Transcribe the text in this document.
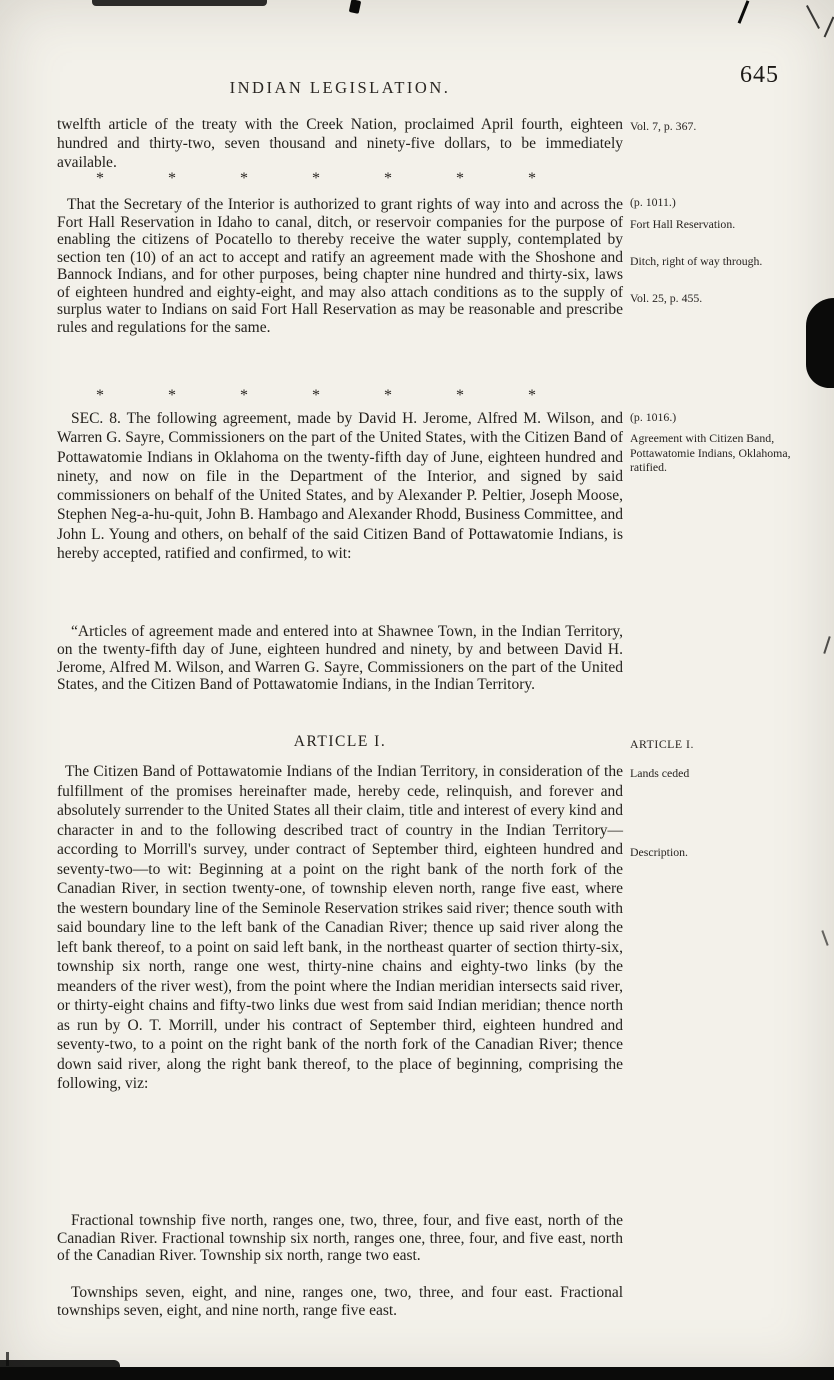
INDIAN LEGISLATION.	645
twelfth article of the treaty with the Creek Nation, proclaimed April fourth, eighteen hundred and thirty-two, seven thousand and ninety-five dollars, to be immediately available.
* * * * * * *
That the Secretary of the Interior is authorized to grant rights of way into and across the Fort Hall Reservation in Idaho to canal, ditch, or reservoir companies for the purpose of enabling the citizens of Pocatello to thereby receive the water supply, contemplated by section ten (10) of an act to accept and ratify an agreement made with the Shoshone and Bannock Indians, and for other purposes, being chapter nine hundred and thirty-six, laws of eighteen hundred and eighty-eight, and may also attach conditions as to the supply of surplus water to Indians on said Fort Hall Reservation as may be reasonable and prescribe rules and regulations for the same.
* * * * * * *
SEC. 8. The following agreement, made by David H. Jerome, Alfred M. Wilson, and Warren G. Sayre, Commissioners on the part of the United States, with the Citizen Band of Pottawatomie Indians in Oklahoma on the twenty-fifth day of June, eighteen hundred and ninety, and now on file in the Department of the Interior, and signed by said commissioners on behalf of the United States, and by Alexander P. Peltier, Joseph Moose, Stephen Neg-a-hu-quit, John B. Hambago and Alexander Rhodd, Business Committee, and John L. Young and others, on behalf of the said Citizen Band of Pottawatomie Indians, is hereby accepted, ratified and confirmed, to wit:
“Articles of agreement made and entered into at Shawnee Town, in the Indian Territory, on the twenty-fifth day of June, eighteen hundred and ninety, by and between David H. Jerome, Alfred M. Wilson, and Warren G. Sayre, Commissioners on the part of the United States, and the Citizen Band of Pottawatomie Indians, in the Indian Territory.
ARTICLE I.
The Citizen Band of Pottawatomie Indians of the Indian Territory, in consideration of the fulfillment of the promises hereinafter made, hereby cede, relinquish, and forever and absolutely surrender to the United States all their claim, title and interest of every kind and character in and to the following described tract of country in the Indian Territory—according to Morrill's survey, under contract of September third, eighteen hundred and seventy-two—to wit: Beginning at a point on the right bank of the north fork of the Canadian River, in section twenty-one, of township eleven north, range five east, where the western boundary line of the Seminole Reservation strikes said river; thence south with said boundary line to the left bank of the Canadian River; thence up said river along the left bank thereof, to a point on said left bank, in the northeast quarter of section thirty-six, township six north, range one west, thirty-nine chains and eighty-two links (by the meanders of the river west), from the point where the Indian meridian intersects said river, or thirty-eight chains and fifty-two links due west from said Indian meridian; thence north as run by O. T. Morrill, under his contract of September third, eighteen hundred and seventy-two, to a point on the right bank of the north fork of the Canadian River; thence down said river, along the right bank thereof, to the place of beginning, comprising the following, viz:
Fractional township five north, ranges one, two, three, four, and five east, north of the Canadian River. Fractional township six north, ranges one, three, four, and five east, north of the Canadian River. Township six north, range two east.
Townships seven, eight, and nine, ranges one, two, three, and four east. Fractional townships seven, eight, and nine north, range five east.
Vol. 7, p. 367.
(p. 1011.)
Fort Hall Reservation.
Ditch, right of way through.
Vol. 25, p. 455.
(p. 1016.)
Agreement with Citizen Band, Pottawatomie Indians, Oklahoma, ratified.
ARTICLE I.
Lands ceded
Description.
